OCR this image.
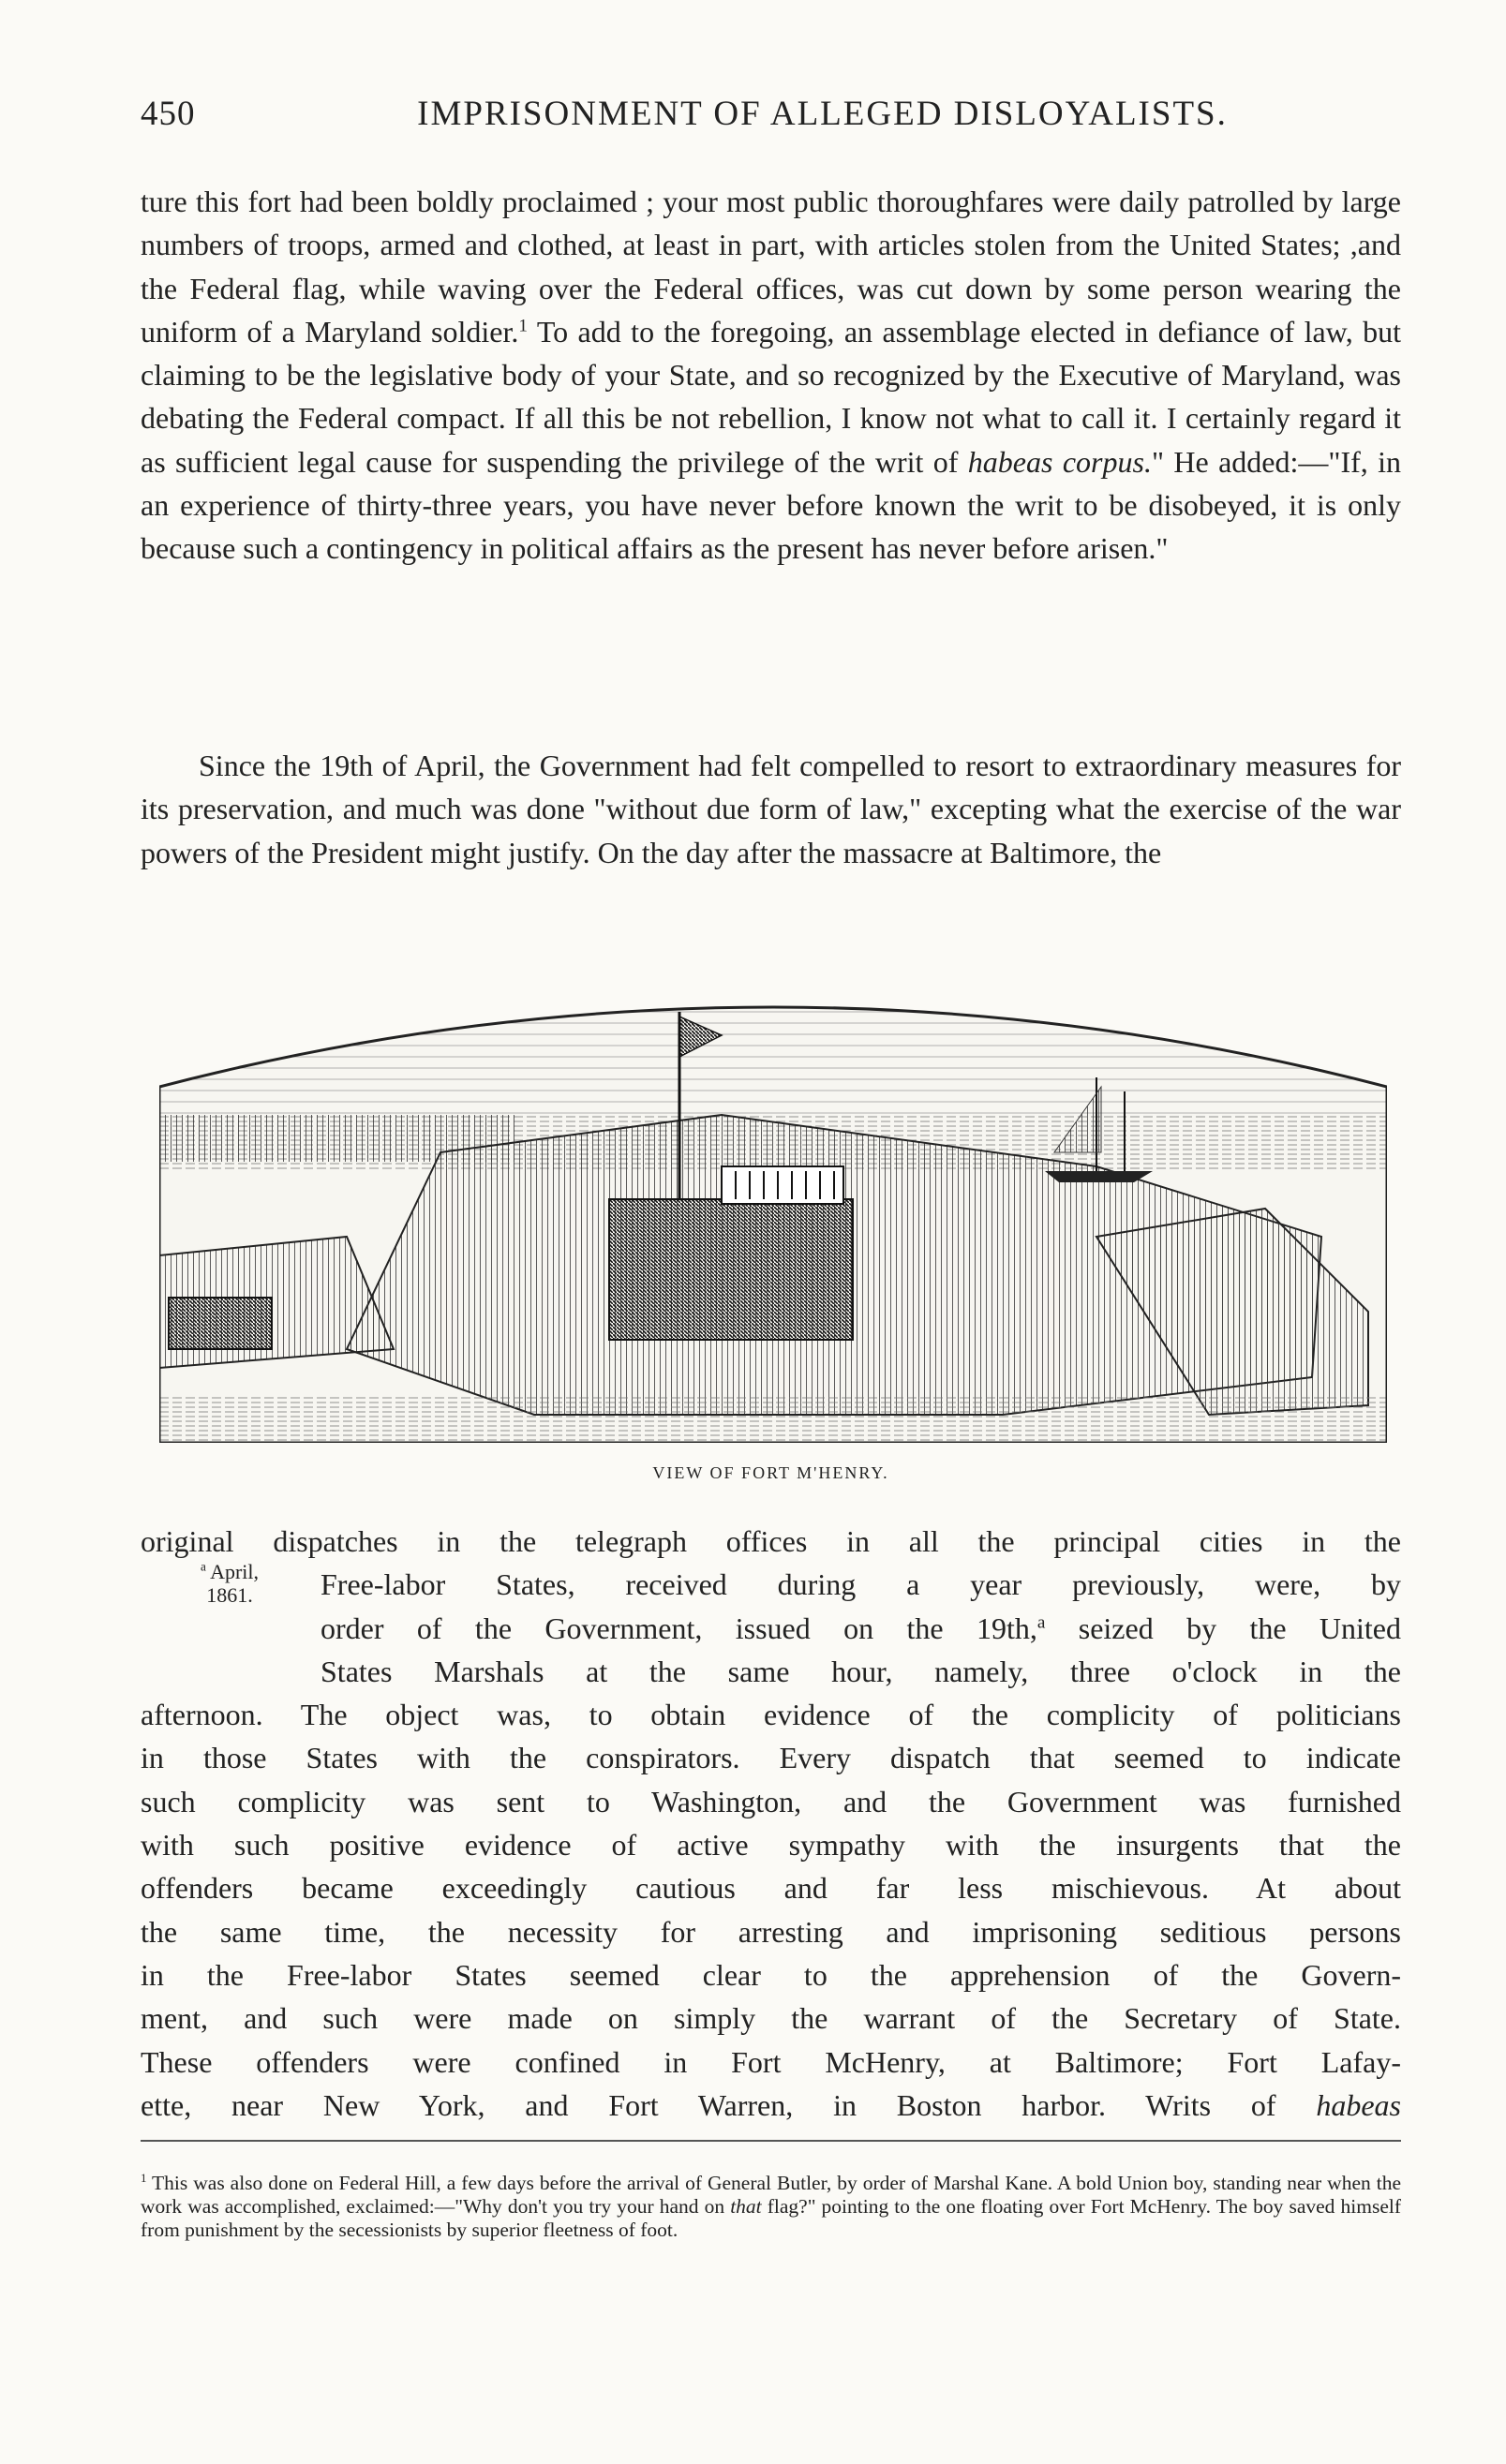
450	IMPRISONMENT OF ALLEGED DISLOYALISTS.
ture this fort had been boldly proclaimed ; your most public thoroughfares were daily patrolled by large numbers of troops, armed and clothed, at least in part, with articles stolen from the United States; ,and the Federal flag, while waving over the Federal offices, was cut down by some person wearing the uniform of a Maryland soldier.$^1$ To add to the foregoing, an assemblage elected in defiance of law, but claiming to be the legislative body of your State, and so recognized by the Executive of Maryland, was debating the Federal compact. If all this be not rebellion, I know not what to call it. I certainly regard it as sufficient legal cause for suspending the privilege of the writ of habeas corpus." He added:—"If, in an experience of thirty-three years, you have never before known the writ to be disobeyed, it is only because such a contingency in political affairs as the present has never before arisen."
Since the 19th of April, the Government had felt compelled to resort to extraordinary measures for its preservation, and much was done "without due form of law," excepting what the exercise of the war powers of the President might justify. On the day after the massacre at Baltimore, the
VIEW OF FORT M'HENRY.
$^a$ April,
1861.
original dispatches in the telegraph offices in all the principal cities in the
Free-labor States, received during a year previously, were, by
order of the Government, issued on the 19th,$^a$ seized by the United
States Marshals at the same hour, namely, three o'clock in the
afternoon. The object was, to obtain evidence of the complicity of politicians
in those States with the conspirators. Every dispatch that seemed to indicate
such complicity was sent to Washington, and the Government was furnished
with such positive evidence of active sympathy with the insurgents that the
offenders became exceedingly cautious and far less mischievous. At about
the same time, the necessity for arresting and imprisoning seditious persons
in the Free-labor States seemed clear to the apprehension of the Govern-
ment, and such were made on simply the warrant of the Secretary of State.
These offenders were confined in Fort McHenry, at Baltimore; Fort Lafay-
ette, near New York, and Fort Warren, in Boston harbor. Writs of habeas
$^1$ This was also done on Federal Hill, a few days before the arrival of General Butler, by order of Marshal Kane. A bold Union boy, standing near when the work was accomplished, exclaimed:—"Why don't you try your hand on that flag?" pointing to the one floating over Fort McHenry. The boy saved himself from punishment by the secessionists by superior fleetness of foot.
